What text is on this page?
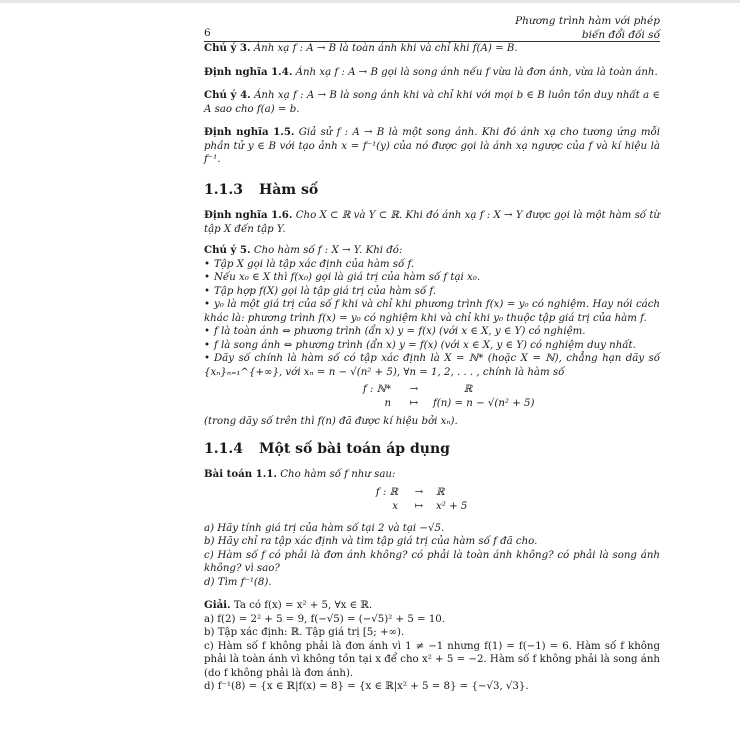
6
Phương trình hàm với phép
biến đổi đối số

Chú ý 3. Ánh xạ f : A → B là toàn ánh khi và chỉ khi f(A) = B.

Định nghĩa 1.4. Ánh xạ f : A → B gọi là song ánh nếu f vừa là đơn ánh, vừa là toàn ánh.

Chú ý 4. Ánh xạ f : A → B là song ánh khi và chỉ khi với mọi b ∈ B luôn tồn duy nhất a ∈ A sao cho f(a) = b.

Định nghĩa 1.5. Giả sử f : A → B là một song ánh. Khi đó ánh xạ cho tương ứng mỗi phần tử y ∈ B với tạo ảnh x = f⁻¹(y) của nó được gọi là ánh xạ ngược của f và kí hiệu là f⁻¹.

1.1.3 Hàm số

Định nghĩa 1.6. Cho X ⊂ ℝ và Y ⊂ ℝ. Khi đó ánh xạ f : X → Y được gọi là một hàm số từ tập X đến tập Y.

Chú ý 5. Cho hàm số f : X → Y. Khi đó:

• Tập X gọi là tập xác định của hàm số f.
• Nếu x₀ ∈ X thì f(x₀) gọi là giá trị của hàm số f tại x₀.
• Tập hợp f(X) gọi là tập giá trị của hàm số f.
• y₀ là một giá trị của số f khi và chỉ khi phương trình f(x) = y₀ có nghiệm. Hay nói cách khác là: phương trình f(x) = y₀ có nghiệm khi và chỉ khi y₀ thuộc tập giá trị của hàm f.
• f là toàn ánh ⇔ phương trình (ẩn x) y = f(x) (với x ∈ X, y ∈ Y) có nghiệm.
• f là song ánh ⇔ phương trình (ẩn x) y = f(x) (với x ∈ X, y ∈ Y) có nghiệm duy nhất.
• Dãy số chính là hàm số có tập xác định là X = ℕ* (hoặc X = ℕ), chẳng hạn dãy số {xₙ}ₙ₌₁^{+∞}, với xₙ = n − √(n² + 5), ∀n = 1, 2, . . . , chính là hàm số
f : ℕ*	→	ℝ
n	↦	f(n) = n − √(n² + 5)

(trong dãy số trên thì f(n) đã được kí hiệu bởi xₙ).

1.1.4 Một số bài toán áp dụng

Bài toán 1.1. Cho hàm số f như sau:

f : ℝ	→	ℝ
x	↦	x² + 5

a) Hãy tính giá trị của hàm số tại 2 và tại −√5.

b) Hãy chỉ ra tập xác định và tìm tập giá trị của hàm số f đã cho.

c) Hàm số f có phải là đơn ánh không? có phải là toàn ánh không? có phải là song ánh không? vì sao?

d) Tìm f⁻¹(8).

Giải. Ta có f(x) = x² + 5, ∀x ∈ ℝ.

a) f(2) = 2² + 5 = 9, f(−√5) = (−√5)² + 5 = 10.

b) Tập xác định: ℝ. Tập giá trị [5; +∞).

c) Hàm số f không phải là đơn ánh vì 1 ≠ −1 nhưng f(1) = f(−1) = 6. Hàm số f không phải là toàn ánh vì không tồn tại x để cho x² + 5 = −2. Hàm số f không phải là song ánh (do f không phải là đơn ánh).

d) f⁻¹(8) = {x ∈ ℝ|f(x) = 8} = {x ∈ ℝ|x² + 5 = 8} = {−√3, √3}.
